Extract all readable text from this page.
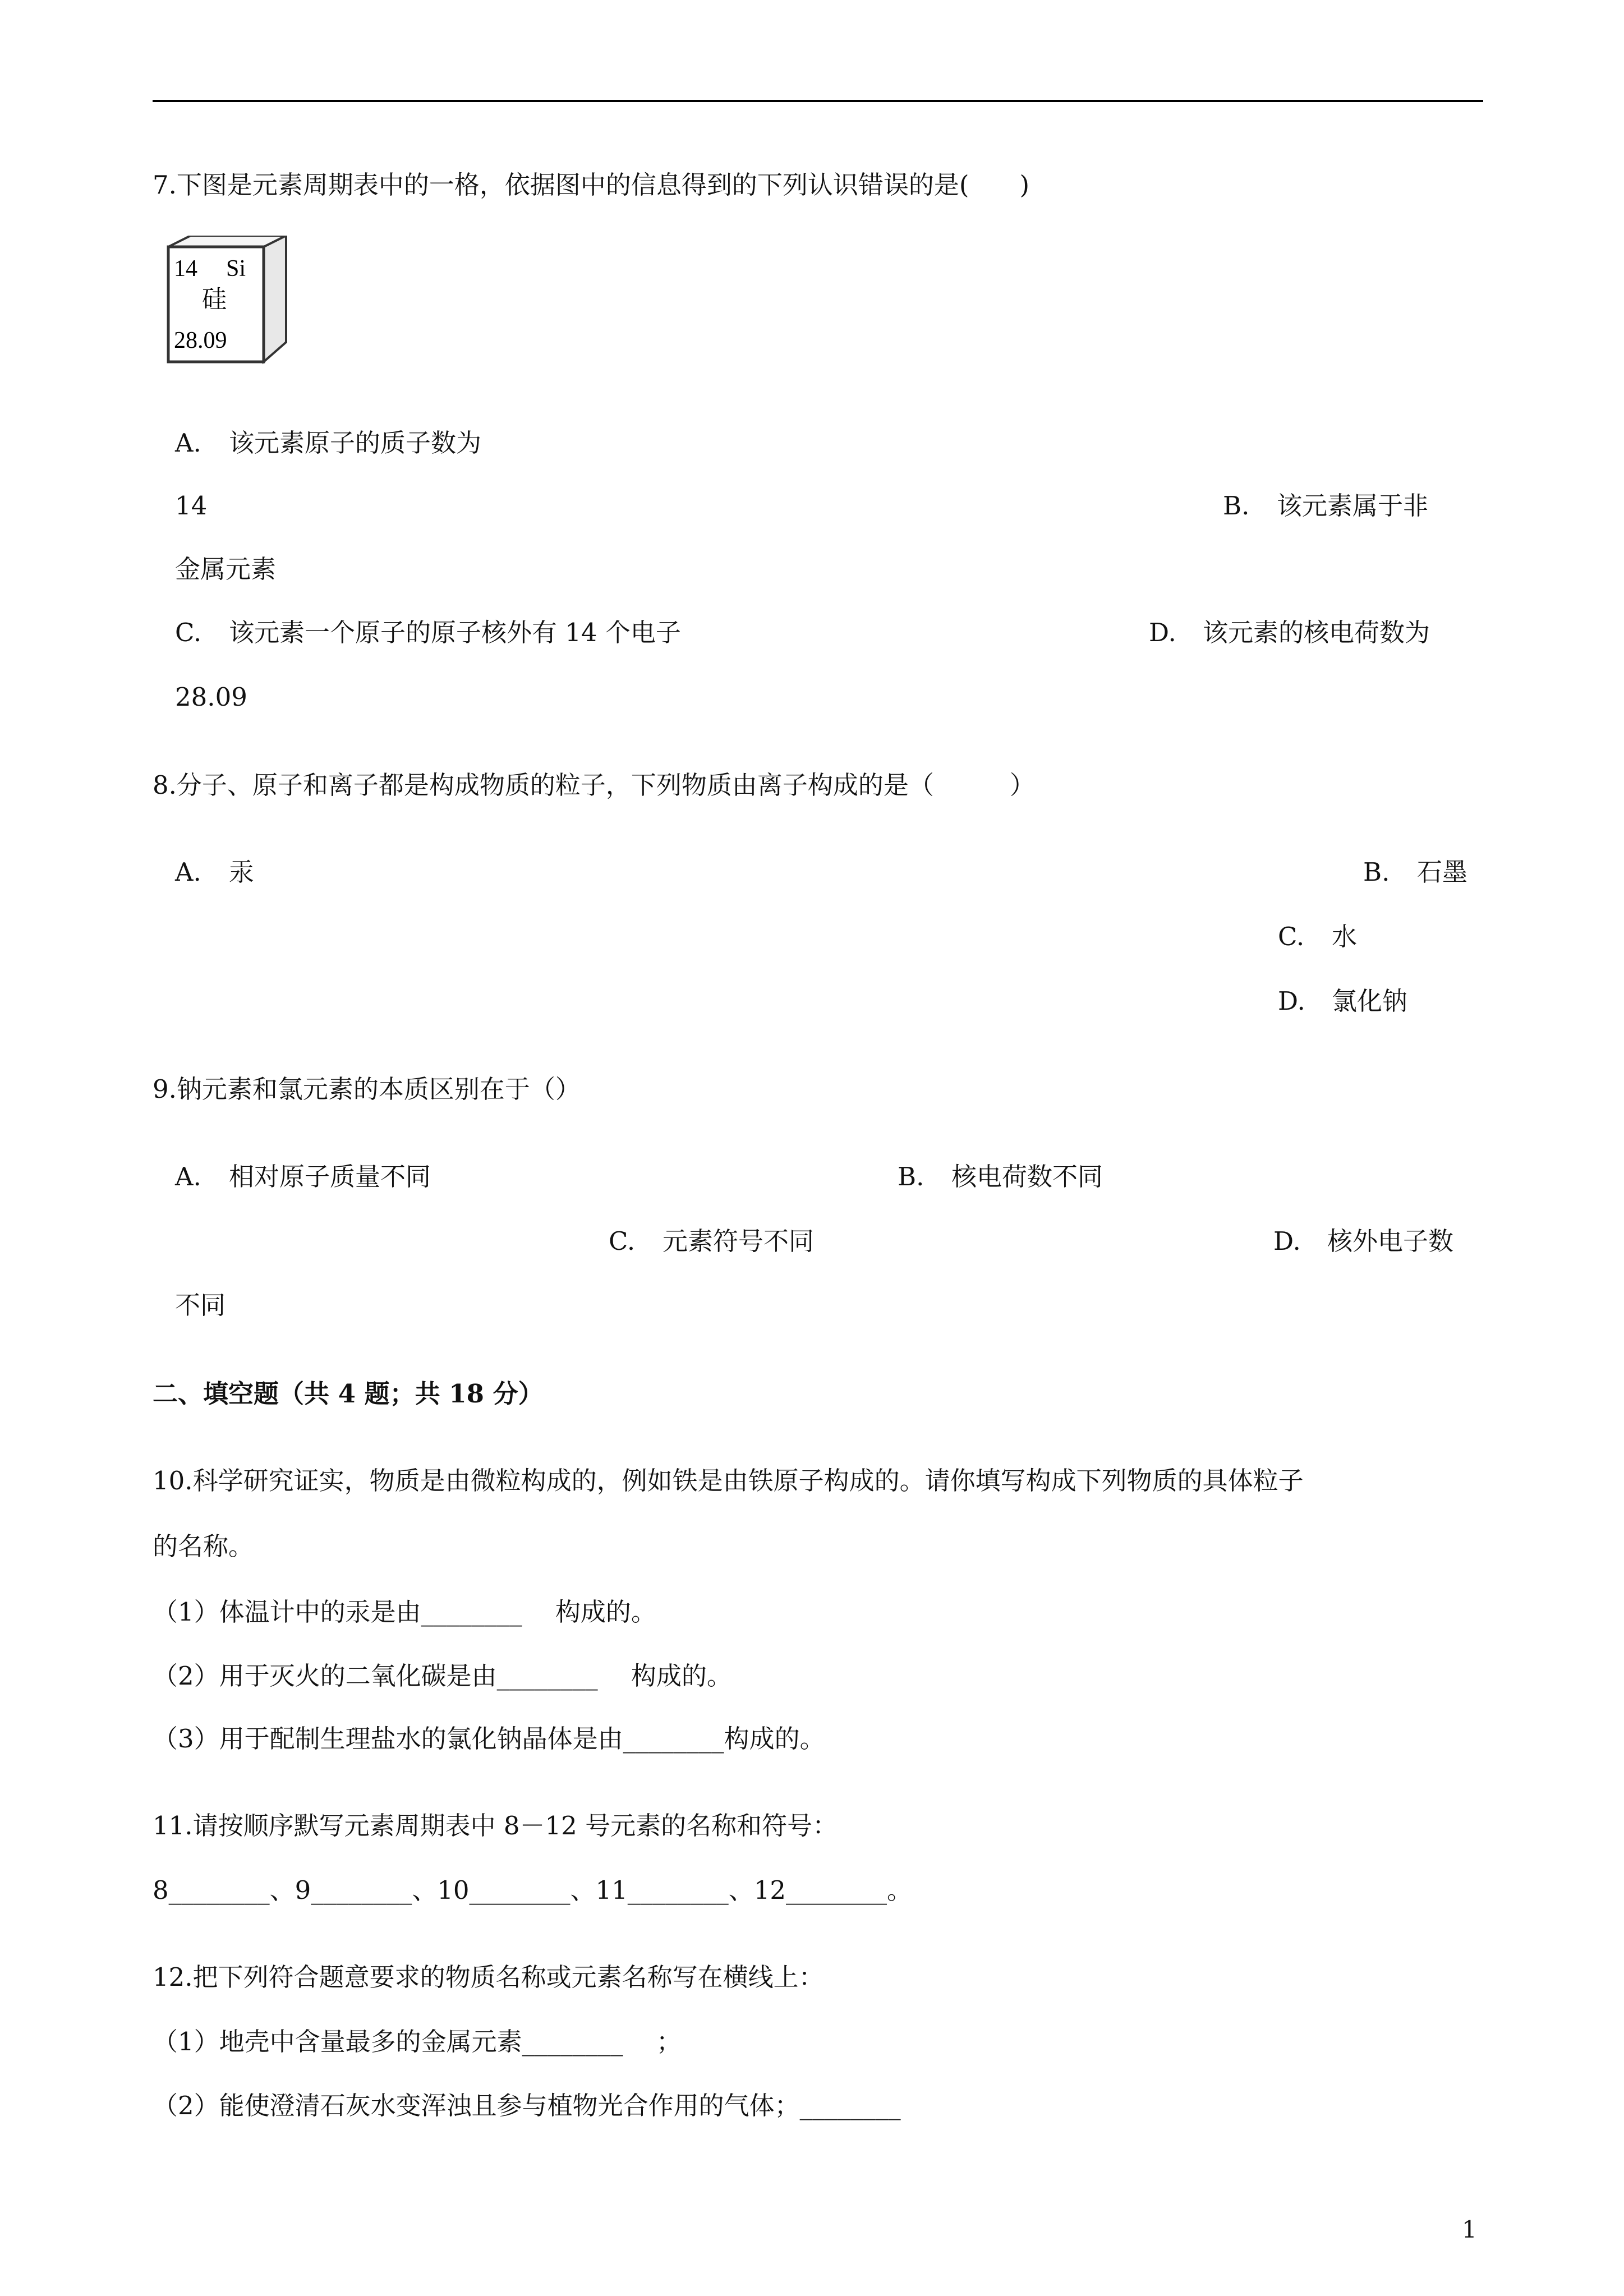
7.下图是元素周期表中的一格，依据图中的信息得到的下列认识错误的是(　　)
14 Si
硅
28.09
A. 该元素原子的质子数为
14	B. 该元素属于非
金属元素
C. 该元素一个原子的原子核外有 14 个电子	D. 该元素的核电荷数为
28.09
8.分子、原子和离子都是构成物质的粒子，下列物质由离子构成的是（　　　）
A. 汞	B. 石墨
C. 水
D. 氯化钠
9.钠元素和氯元素的本质区别在于（）
A. 相对原子质量不同	B. 核电荷数不同
C. 元素符号不同	D. 核外电子数
不同
二、填空题（共 4 题；共 18 分）
10.科学研究证实，物质是由微粒构成的，例如铁是由铁原子构成的。请你填写构成下列物质的具体粒子
的名称。
（1）体温计中的汞是由________　 构成的。
（2）用于灭火的二氧化碳是由________　 构成的。
（3）用于配制生理盐水的氯化钠晶体是由________构成的。
11.请按顺序默写元素周期表中 8－12 号元素的名称和符号：
8________、9________、10________、11________、12________。
12.把下列符合题意要求的物质名称或元素名称写在横线上：
（1）地壳中含量最多的金属元素________　 ；
（2）能使澄清石灰水变浑浊且参与植物光合作用的气体；________
1
